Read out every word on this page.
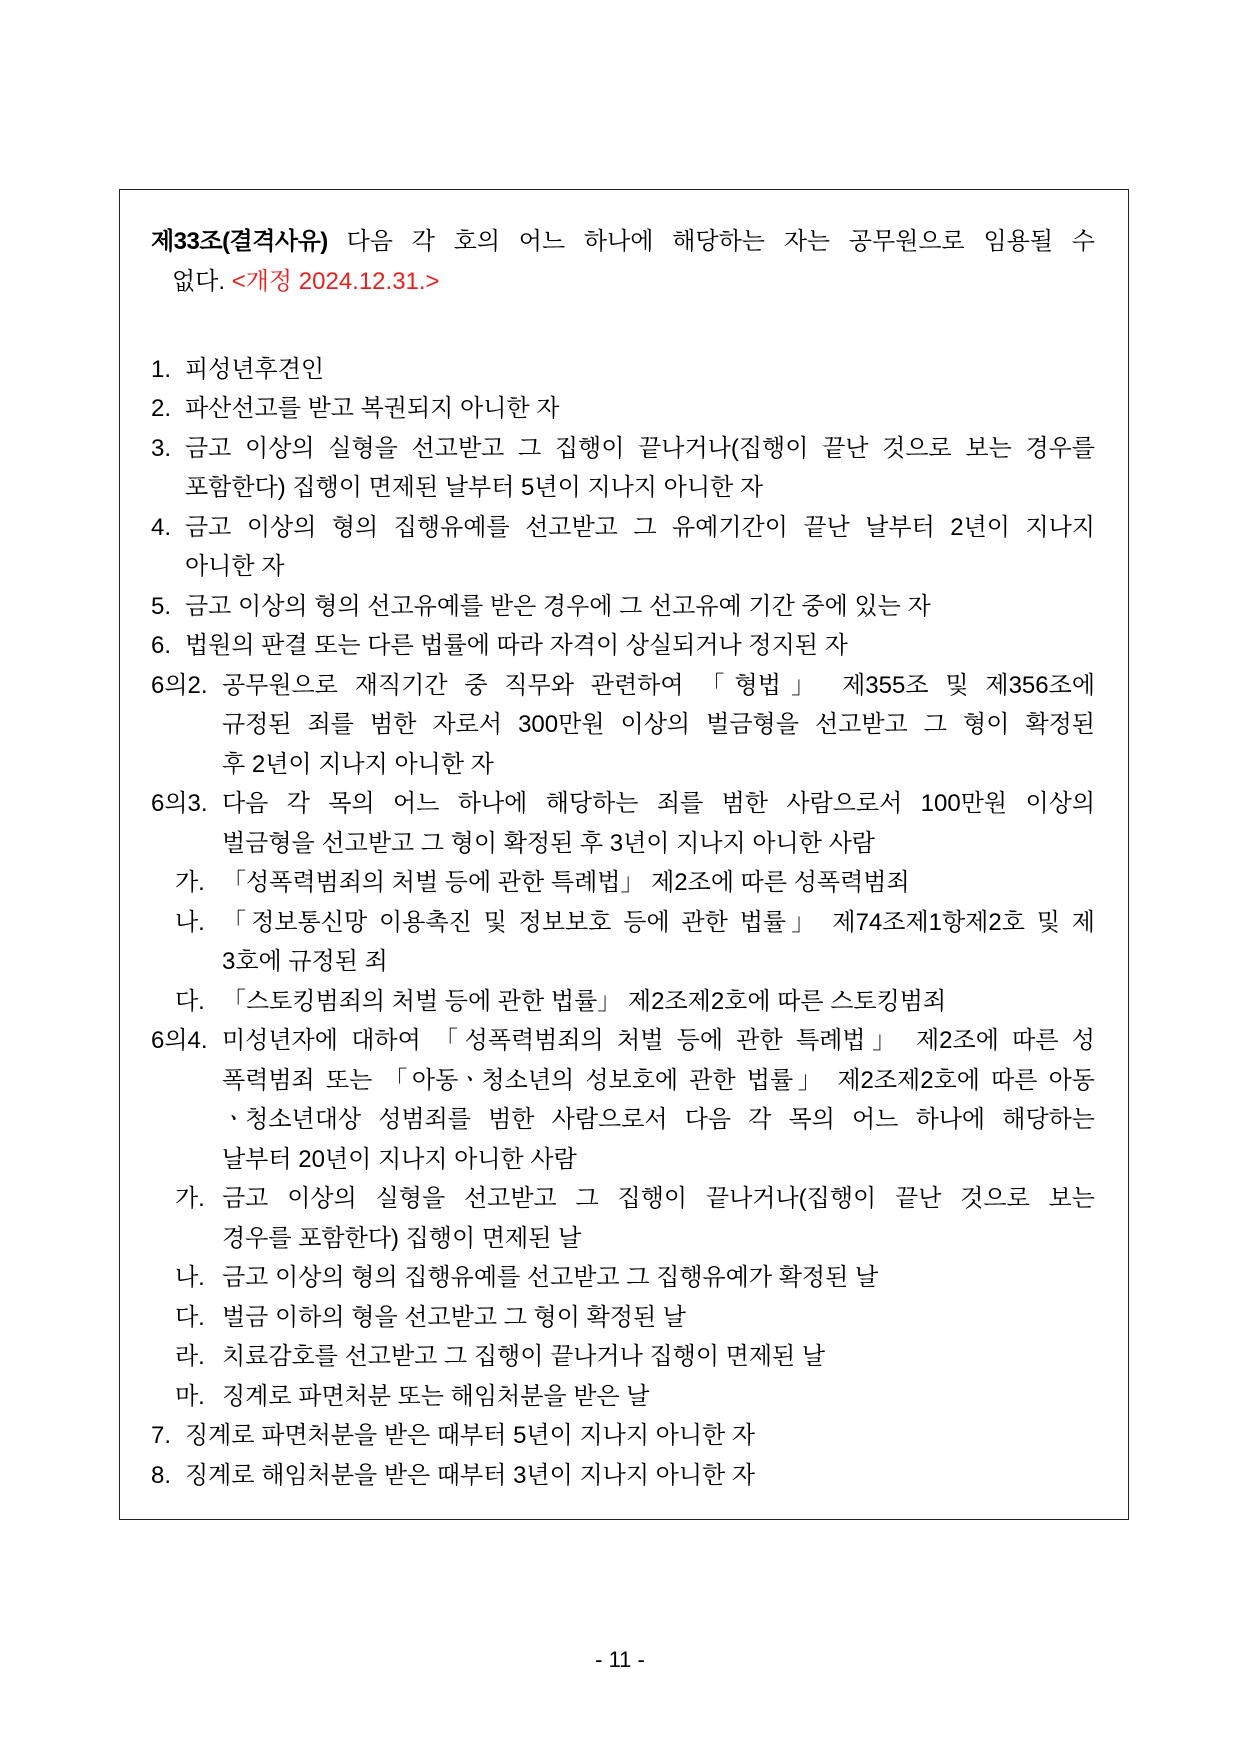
제33조(결격사유) 다음 각 호의 어느 하나에 해당하는 자는 공무원으로 임용될 수
없다. <개정 2024.12.31.>
1. 피성년후견인
2. 파산선고를 받고 복권되지 아니한 자
3. 금고 이상의 실형을 선고받고 그 집행이 끝나거나(집행이 끝난 것으로 보는 경우를
포함한다) 집행이 면제된 날부터 5년이 지나지 아니한 자
4. 금고 이상의 형의 집행유예를 선고받고 그 유예기간이 끝난 날부터 2년이 지나지
아니한 자
5. 금고 이상의 형의 선고유예를 받은 경우에 그 선고유예 기간 중에 있는 자
6. 법원의 판결 또는 다른 법률에 따라 자격이 상실되거나 정지된 자
6의2. 공무원으로 재직기간 중 직무와 관련하여 「형법」 제355조 및 제356조에
규정된 죄를 범한 자로서 300만원 이상의 벌금형을 선고받고 그 형이 확정된
후 2년이 지나지 아니한 자
6의3. 다음 각 목의 어느 하나에 해당하는 죄를 범한 사람으로서 100만원 이상의
벌금형을 선고받고 그 형이 확정된 후 3년이 지나지 아니한 사람
가. 「성폭력범죄의 처벌 등에 관한 특례법」 제2조에 따른 성폭력범죄
나. 「정보통신망 이용촉진 및 정보보호 등에 관한 법률」 제74조제1항제2호 및 제
3호에 규정된 죄
다. 「스토킹범죄의 처벌 등에 관한 법률」 제2조제2호에 따른 스토킹범죄
6의4. 미성년자에 대하여 「성폭력범죄의 처벌 등에 관한 특례법」 제2조에 따른 성
폭력범죄 또는 「아동ㆍ청소년의 성보호에 관한 법률」 제2조제2호에 따른 아동
ㆍ청소년대상 성범죄를 범한 사람으로서 다음 각 목의 어느 하나에 해당하는
날부터 20년이 지나지 아니한 사람
가. 금고 이상의 실형을 선고받고 그 집행이 끝나거나(집행이 끝난 것으로 보는
경우를 포함한다) 집행이 면제된 날
나. 금고 이상의 형의 집행유예를 선고받고 그 집행유예가 확정된 날
다. 벌금 이하의 형을 선고받고 그 형이 확정된 날
라. 치료감호를 선고받고 그 집행이 끝나거나 집행이 면제된 날
마. 징계로 파면처분 또는 해임처분을 받은 날
7. 징계로 파면처분을 받은 때부터 5년이 지나지 아니한 자
8. 징계로 해임처분을 받은 때부터 3년이 지나지 아니한 자
- 11 -
